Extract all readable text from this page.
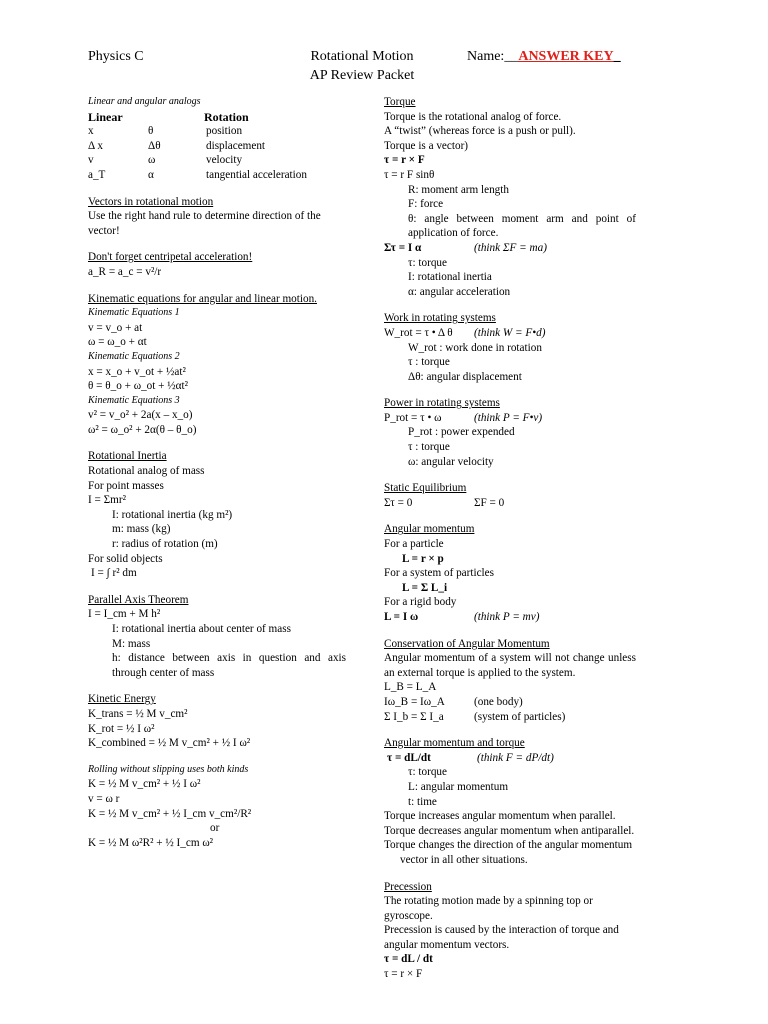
Physics C	Rotational Motion
AP Review Packet
Name:__ANSWER KEY_
Linear and angular analogs
Linear		Rotation
x	θ	position
Δ x	Δθ	displacement
v	ω	velocity
a_T	α	tangential acceleration
Vectors in rotational motion
Use the right hand rule to determine direction of the vector!
Don't forget centripetal acceleration!
a_R = a_c = v²/r
Kinematic equations for angular and linear motion.
Kinematic Equations 1
v = v_o + at
ω = ω_o + αt
Kinematic Equations 2
x = x_o + v_ot + ½at²
θ = θ_o + ω_ot + ½αt²
Kinematic Equations 3
v² = v_o² + 2a(x – x_o)
ω² = ω_o² + 2α(θ – θ_o)
Rotational Inertia
Rotational analog of mass
For point masses
I = Σmr²
I: rotational inertia (kg m²)
m: mass (kg)
r: radius of rotation (m)
For solid objects
I = ∫ r² dm
Parallel Axis Theorem
I = I_cm + M h²
I: rotational inertia about center of mass
M: mass
h: distance between axis in question and axis through center of mass
Kinetic Energy
K_trans = ½ M v_cm²
K_rot = ½ I ω²
K_combined = ½ M v_cm² + ½ I ω²
Rolling without slipping uses both kinds
K = ½ M v_cm² + ½ I ω²
v = ω r
K = ½ M v_cm² + ½ I_cm v_cm²/R²
or
K = ½ M ω²R² + ½ I_cm ω²
Torque
Torque is the rotational analog of force.
A “twist” (whereas force is a push or pull).
Torque is a vector)
τ = r × F
τ = r F sinθ
R: moment arm length
F: force
θ: angle between moment arm and point of application of force.
Στ = I α	(think ΣF = ma)
τ: torque
I: rotational inertia
α: angular acceleration
Work in rotating systems
W_rot = τ • Δ θ (think W = F•d)
W_rot : work done in rotation
τ : torque
Δθ: angular displacement
Power in rotating systems
P_rot = τ • ω	(think P = F•v)
P_rot : power expended
τ : torque
ω: angular velocity
Static Equilibrium
Στ = 0	ΣF = 0
Angular momentum
For a particle
L = r × p
For a system of particles
L = Σ L_i
For a rigid body
L = I ω	(think P = mv)
Conservation of Angular Momentum
Angular momentum of a system will not change unless an external torque is applied to the system.
L_B = L_A
Iω_B = Iω_A	(one body)
Σ I_b = Σ I_a	(system of particles)
Angular momentum and torque
τ = dL/dt	(think F = dP/dt)
τ: torque
L: angular momentum
t: time
Torque increases angular momentum when parallel.
Torque decreases angular momentum when antiparallel.
Torque changes the direction of the angular momentum vector in all other situations.
Precession
The rotating motion made by a spinning top or gyroscope.
Precession is caused by the interaction of torque and angular momentum vectors.
τ = dL / dt
τ = r × F
